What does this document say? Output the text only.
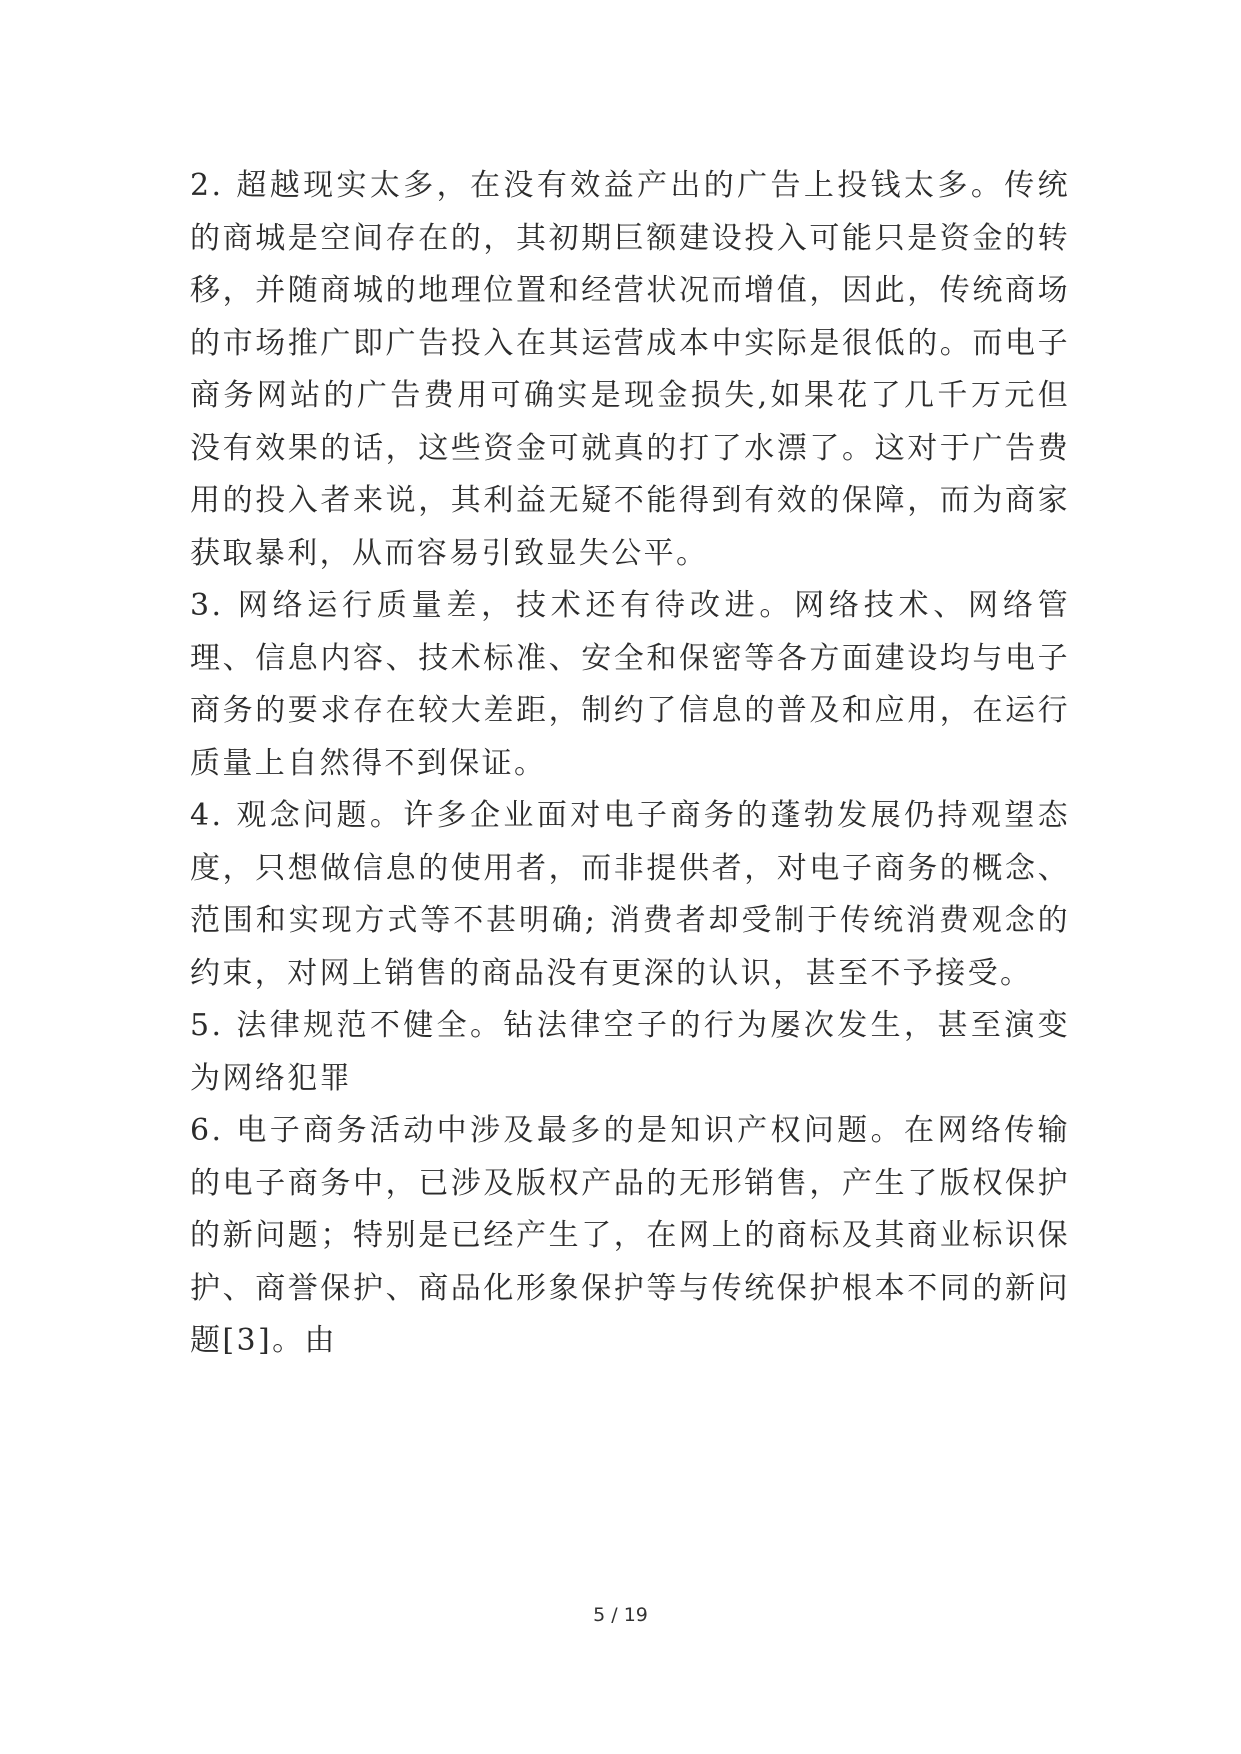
2. 超越现实太多，在没有效益产出的广告上投钱太多。传统的商城是空间存在的，其初期巨额建设投入可能只是资金的转移，并随商城的地理位置和经营状况而增值，因此，传统商场的市场推广即广告投入在其运营成本中实际是很低的。而电子商务网站的广告费用可确实是现金损失,如果花了几千万元但没有效果的话，这些资金可就真的打了水漂了。这对于广告费用的投入者来说，其利益无疑不能得到有效的保障，而为商家获取暴利，从而容易引致显失公平。

3. 网络运行质量差，技术还有待改进。网络技术、网络管理、信息内容、技术标准、安全和保密等各方面建设均与电子商务的要求存在较大差距，制约了信息的普及和应用，在运行质量上自然得不到保证。

4. 观念问题。许多企业面对电子商务的蓬勃发展仍持观望态度，只想做信息的使用者，而非提供者，对电子商务的概念、范围和实现方式等不甚明确; 消费者却受制于传统消费观念的约束，对网上销售的商品没有更深的认识，甚至不予接受。

5. 法律规范不健全。钻法律空子的行为屡次发生，甚至演变为网络犯罪

6. 电子商务活动中涉及最多的是知识产权问题。在网络传输的电子商务中，已涉及版权产品的无形销售，产生了版权保护的新问题；特别是已经产生了，在网上的商标及其商业标识保护、商誉保护、商品化形象保护等与传统保护根本不同的新问题[3]。由

5 / 19
